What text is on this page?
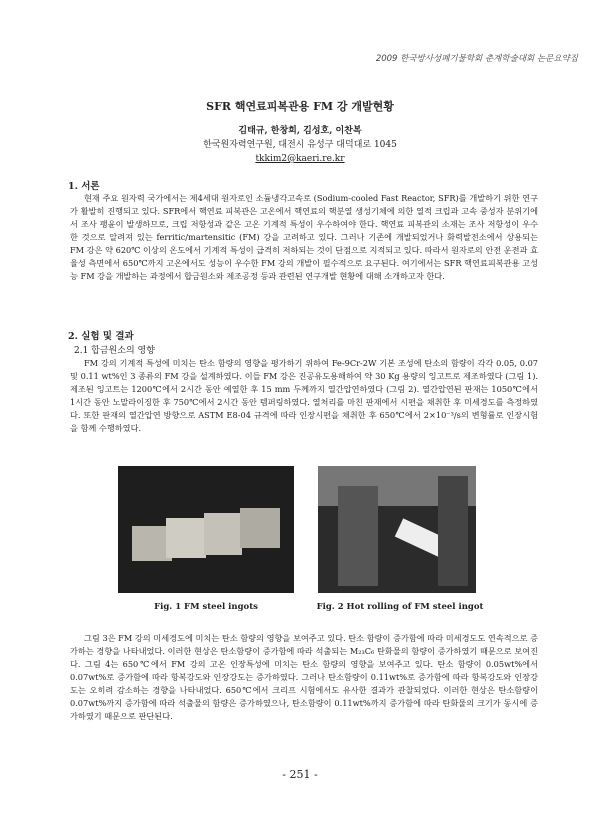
2009 한국방사성폐기물학회 춘계학술대회 논문요약집
SFR 핵연료피복관용 FM 강 개발현황
김태규, 한창희, 김성호, 이찬복
한국원자력연구원, 대전시 유성구 대덕대로 1045
tkkim2@kaeri.re.kr
1. 서론

현재 주요 원자력 국가에서는 제4세대 원자로인 소듐냉각고속로 (Sodium-cooled Fast Reactor, SFR)를 개발하기 위한 연구가 활발히 진행되고 있다. SFR에서 핵연료 피복관은 고온에서 핵연료의 핵분열 생성기체에 의한 열적 크립과 고속 중성자 분위기에서 조사 팽윤이 발생하므로, 크립 저항성과 같은 고온 기계적 특성이 우수하여야 한다. 핵연료 피복관의 소재는 조사 저항성이 우수한 것으로 알려져 있는 ferritic/martensitic (FM) 강을 고려하고 있다. 그러나 기존에 개발되었거나 화력발전소에서 상용되는 FM 강은 약 620℃ 이상의 온도에서 기계적 특성이 급격히 저하되는 것이 단점으로 지적되고 있다. 따라서 원자로의 안전 운전과 효율성 측면에서 650℃까지 고온에서도 성능이 우수한 FM 강의 개발이 필수적으로 요구된다. 여기에서는 SFR 핵연료피복관용 고성능 FM 강을 개발하는 과정에서 합금원소와 제조공정 등과 관련된 연구개발 현황에 대해 소개하고자 한다.

2. 실험 및 결과
2.1 합금원소의 영향

FM 강의 기계적 특성에 미치는 탄소 함량의 영향을 평가하기 위하여 Fe-9Cr-2W 기본 조성에 탄소의 함량이 각각 0.05, 0.07 및 0.11 wt%인 3 종류의 FM 강을 설계하였다. 이들 FM 강은 진공유도용해하여 약 30 Kg 용량의 잉고트로 제조하였다 (그림 1). 제조된 잉고트는 1200℃에서 2시간 동안 예열한 후 15 mm 두께까지 열간압연하였다 (그림 2). 열간압연된 판재는 1050℃에서 1시간 동안 노말라이징한 후 750℃에서 2시간 동안 템퍼링하였다. 열처리를 마친 판재에서 시편을 채취한 후 미세경도를 측정하였다. 또한 판재의 열간압연 방향으로 ASTM E8-04 규격에 따라 인장시편을 채취한 후 650℃에서 2×10⁻³/s의 변형률로 인장시험을 함께 수행하였다.

Fig. 1 FM steel ingots	Fig. 2 Hot rolling of FM steel ingot

그림 3은 FM 강의 미세경도에 미치는 탄소 함량의 영향을 보여주고 있다. 탄소 함량이 증가함에 따라 미세경도도 연속적으로 증가하는 경향을 나타내었다. 이러한 현상은 탄소함량이 증가함에 따라 석출되는 M₂₃C₆ 탄화물의 함량이 증가하였기 때문으로 보여진다. 그림 4는 650℃에서 FM 강의 고온 인장특성에 미치는 탄소 함량의 영향을 보여주고 있다. 탄소 함량이 0.05wt%에서 0.07wt%로 증가함에 따라 항복강도와 인장강도는 증가하였다. 그러나 탄소함량이 0.11wt%로 증가함에 따라 항복강도와 인장강도는 오히려 감소하는 경향을 나타내었다. 650℃에서 크리프 시험에서도 유사한 결과가 관찰되었다. 이러한 현상은 탄소함량이 0.07wt%까지 증가함에 따라 석출물의 함량은 증가하였으나, 탄소함량이 0.11wt%까지 증가함에 따라 탄화물의 크기가 동시에 증가하였기 때문으로 판단된다.

- 251 -
